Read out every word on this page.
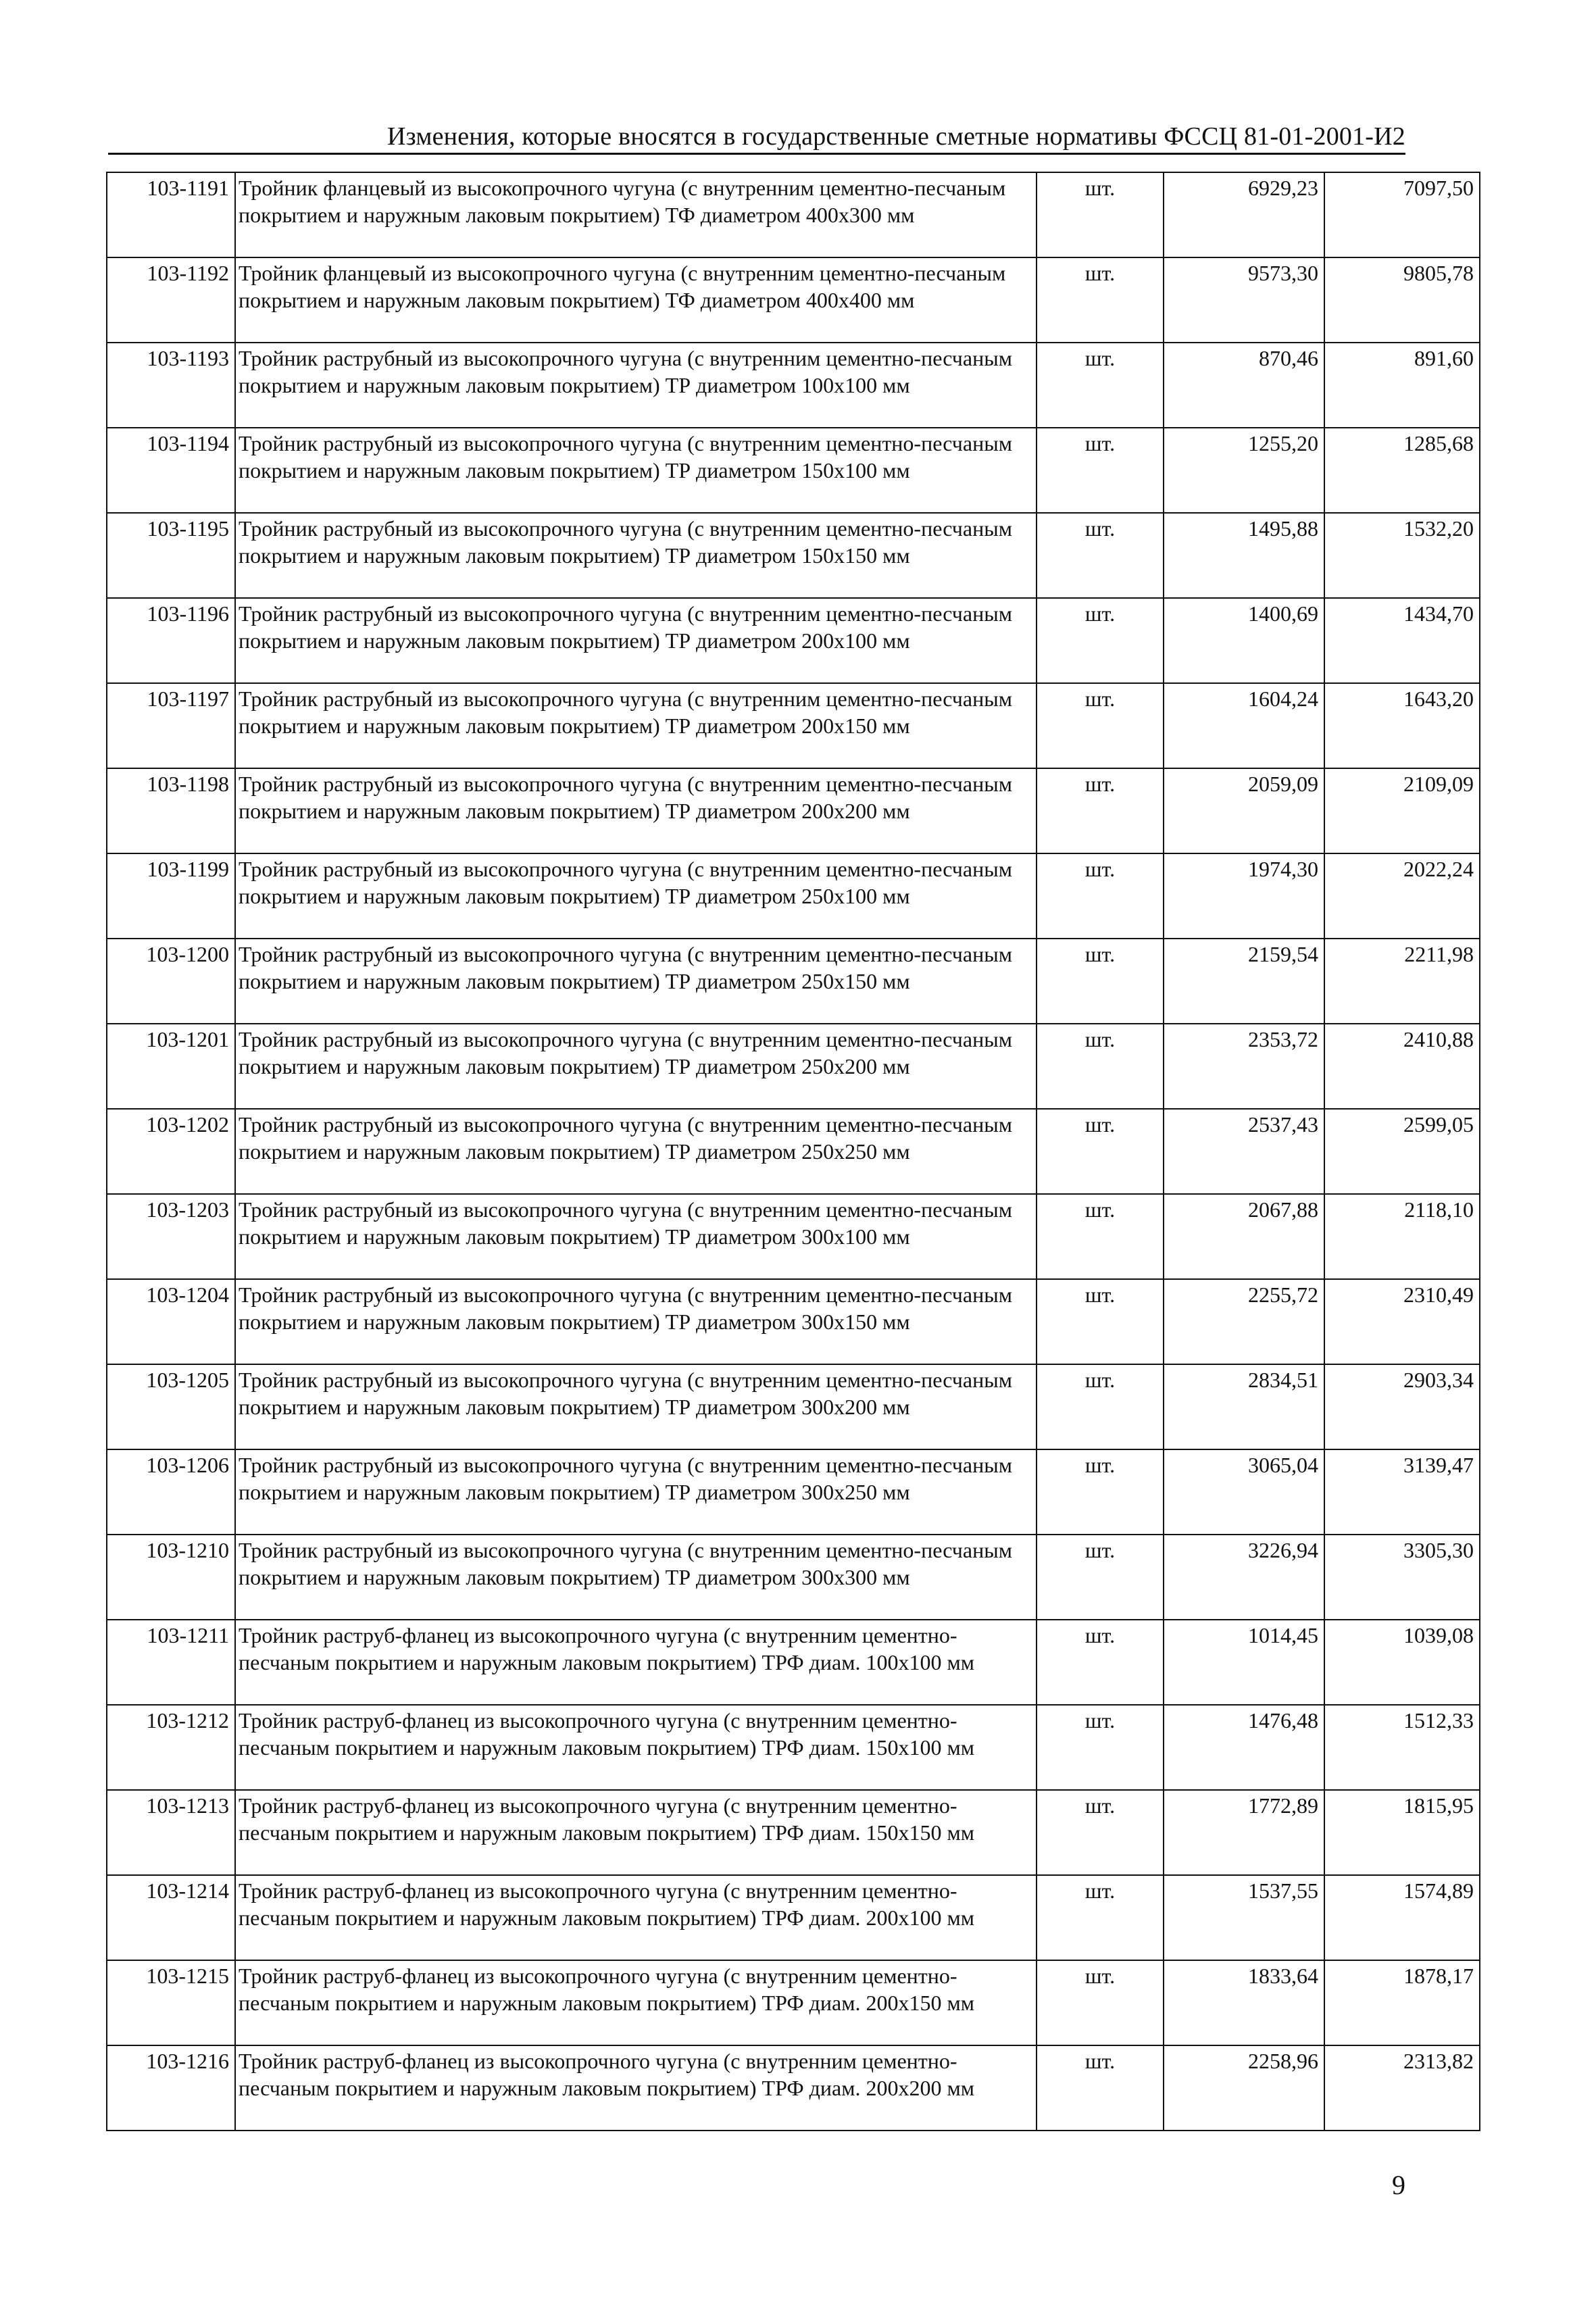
Изменения, которые вносятся в государственные сметные нормативы ФССЦ 81-01-2001-И2
103-1191	Тройник фланцевый из высокопрочного чугуна (с внутренним цементно-песчаным покрытием и наружным лаковым покрытием) ТФ диаметром 400х300 мм	шт.	6929,23	7097,50
103-1192	Тройник фланцевый из высокопрочного чугуна (с внутренним цементно-песчаным покрытием и наружным лаковым покрытием) ТФ диаметром 400х400 мм	шт.	9573,30	9805,78
103-1193	Тройник раструбный из высокопрочного чугуна (с внутренним цементно-песчаным покрытием и наружным лаковым покрытием) ТР диаметром 100х100 мм	шт.	870,46	891,60
103-1194	Тройник раструбный из высокопрочного чугуна (с внутренним цементно-песчаным покрытием и наружным лаковым покрытием) ТР диаметром 150х100 мм	шт.	1255,20	1285,68
103-1195	Тройник раструбный из высокопрочного чугуна (с внутренним цементно-песчаным покрытием и наружным лаковым покрытием) ТР диаметром 150х150 мм	шт.	1495,88	1532,20
103-1196	Тройник раструбный из высокопрочного чугуна (с внутренним цементно-песчаным покрытием и наружным лаковым покрытием) ТР диаметром 200х100 мм	шт.	1400,69	1434,70
103-1197	Тройник раструбный из высокопрочного чугуна (с внутренним цементно-песчаным покрытием и наружным лаковым покрытием) ТР диаметром 200х150 мм	шт.	1604,24	1643,20
103-1198	Тройник раструбный из высокопрочного чугуна (с внутренним цементно-песчаным покрытием и наружным лаковым покрытием) ТР диаметром 200х200 мм	шт.	2059,09	2109,09
103-1199	Тройник раструбный из высокопрочного чугуна (с внутренним цементно-песчаным покрытием и наружным лаковым покрытием) ТР диаметром 250х100 мм	шт.	1974,30	2022,24
103-1200	Тройник раструбный из высокопрочного чугуна (с внутренним цементно-песчаным покрытием и наружным лаковым покрытием) ТР диаметром 250х150 мм	шт.	2159,54	2211,98
103-1201	Тройник раструбный из высокопрочного чугуна (с внутренним цементно-песчаным покрытием и наружным лаковым покрытием) ТР диаметром 250х200 мм	шт.	2353,72	2410,88
103-1202	Тройник раструбный из высокопрочного чугуна (с внутренним цементно-песчаным покрытием и наружным лаковым покрытием) ТР диаметром 250х250 мм	шт.	2537,43	2599,05
103-1203	Тройник раструбный из высокопрочного чугуна (с внутренним цементно-песчаным покрытием и наружным лаковым покрытием) ТР диаметром 300х100 мм	шт.	2067,88	2118,10
103-1204	Тройник раструбный из высокопрочного чугуна (с внутренним цементно-песчаным покрытием и наружным лаковым покрытием) ТР диаметром 300х150 мм	шт.	2255,72	2310,49
103-1205	Тройник раструбный из высокопрочного чугуна (с внутренним цементно-песчаным покрытием и наружным лаковым покрытием) ТР диаметром 300х200 мм	шт.	2834,51	2903,34
103-1206	Тройник раструбный из высокопрочного чугуна (с внутренним цементно-песчаным покрытием и наружным лаковым покрытием) ТР диаметром 300х250 мм	шт.	3065,04	3139,47
103-1210	Тройник раструбный из высокопрочного чугуна (с внутренним цементно-песчаным покрытием и наружным лаковым покрытием) ТР диаметром 300х300 мм	шт.	3226,94	3305,30
103-1211	Тройник раструб-фланец из высокопрочного чугуна (с внутренним цементно-песчаным покрытием и наружным лаковым покрытием) ТРФ диам. 100х100 мм	шт.	1014,45	1039,08
103-1212	Тройник раструб-фланец из высокопрочного чугуна (с внутренним цементно-песчаным покрытием и наружным лаковым покрытием) ТРФ диам. 150х100 мм	шт.	1476,48	1512,33
103-1213	Тройник раструб-фланец из высокопрочного чугуна (с внутренним цементно-песчаным покрытием и наружным лаковым покрытием) ТРФ диам. 150х150 мм	шт.	1772,89	1815,95
103-1214	Тройник раструб-фланец из высокопрочного чугуна (с внутренним цементно-песчаным покрытием и наружным лаковым покрытием) ТРФ диам. 200х100 мм	шт.	1537,55	1574,89
103-1215	Тройник раструб-фланец из высокопрочного чугуна (с внутренним цементно-песчаным покрытием и наружным лаковым покрытием) ТРФ диам. 200х150 мм	шт.	1833,64	1878,17
103-1216	Тройник раструб-фланец из высокопрочного чугуна (с внутренним цементно-песчаным покрытием и наружным лаковым покрытием) ТРФ диам. 200х200 мм	шт.	2258,96	2313,82
9
